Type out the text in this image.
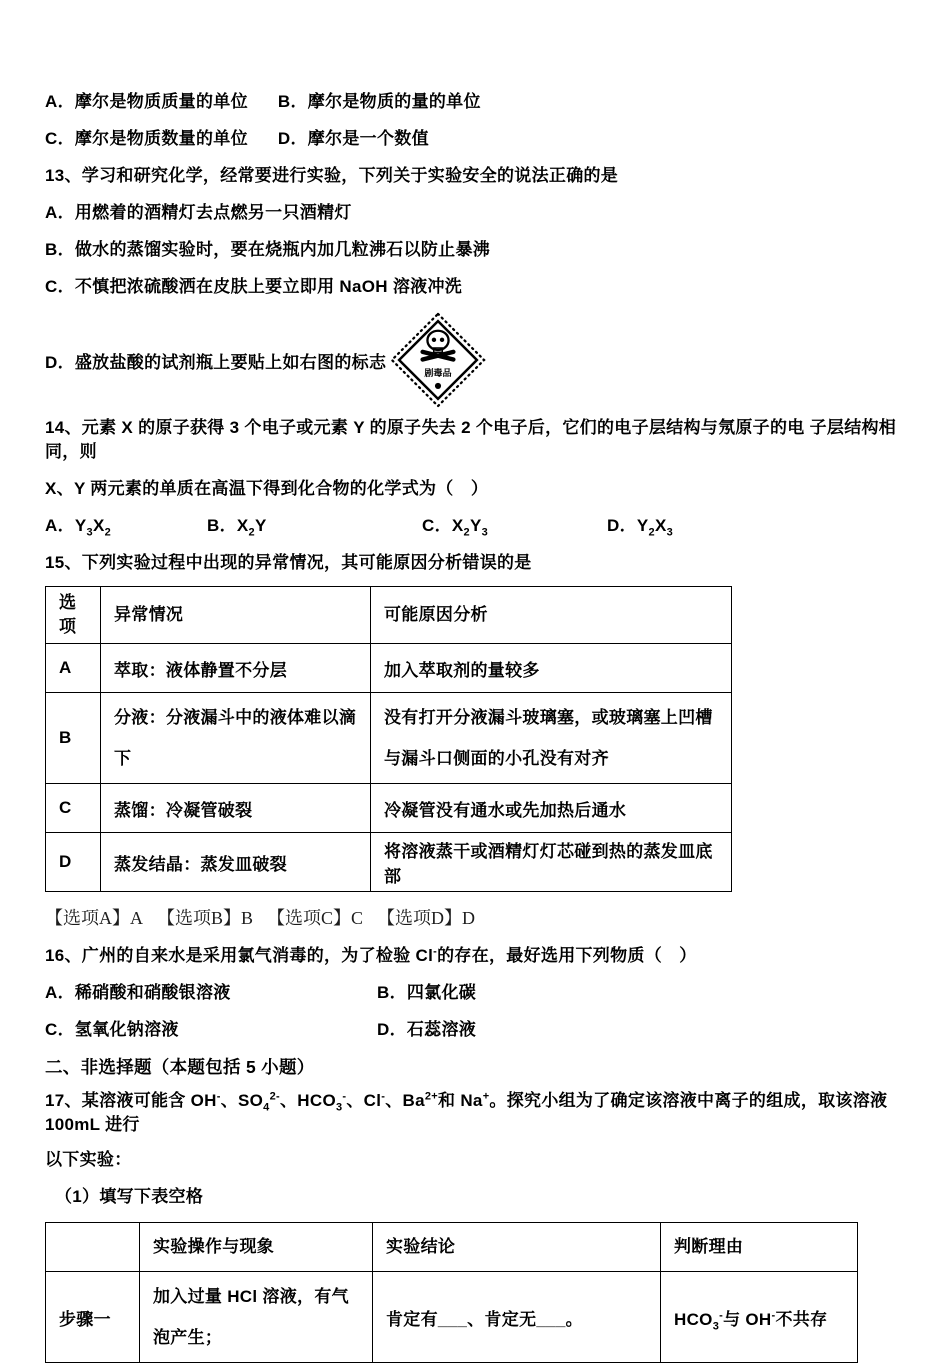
A．摩尔是物质质量的单位 B．摩尔是物质的量的单位
C．摩尔是物质数量的单位 D．摩尔是一个数值
13、学习和研究化学，经常要进行实验，下列关于实验安全的说法正确的是
A．用燃着的酒精灯去点燃另一只酒精灯
B．做水的蒸馏实验时，要在烧瓶内加几粒沸石以防止暴沸
C．不慎把浓硫酸洒在皮肤上要立即用 NaOH 溶液冲洗
D．盛放盐酸的试剂瓶上要贴上如右图的标志
剧毒品
14、元素 X 的原子获得 3 个电子或元素 Y 的原子失去 2 个电子后，它们的电子层结构与氖原子的电 子层结构相同，则
X、Y 两元素的单质在高温下得到化合物的化学式为（　）
A．$Y_3X_2$	B．$X_2Y$	C．$X_2Y_3$	D．$Y_2X_3$
15、下列实验过程中出现的异常情况，其可能原因分析错误的是
选项	异常情况	可能原因分析
A	萃取：液体静置不分层	加入萃取剂的量较多
B	分液：分液漏斗中的液体难以滴下	没有打开分液漏斗玻璃塞，或玻璃塞上凹槽与漏斗口侧面的小孔没有对齐
C	蒸馏：冷凝管破裂	冷凝管没有通水或先加热后通水
D	蒸发结晶：蒸发皿破裂	将溶液蒸干或酒精灯灯芯碰到热的蒸发皿底部
【选项A】A 【选项B】B 【选项C】C 【选项D】D
16、广州的自来水是采用氯气消毒的，为了检验 Cl-的存在，最好选用下列物质（　）
A．稀硝酸和硝酸银溶液	B．四氯化碳
C．氢氧化钠溶液	D．石蕊溶液
二、非选择题（本题包括 5 小题）
17、某溶液可能含 OH-、$SO_4^{2-}$、$HCO_3^-$、Cl-、$Ba^{2+}$和 Na+。探究小组为了确定该溶液中离子的组成，取该溶液 100mL 进行
以下实验：
（1）填写下表空格
	实验操作与现象	实验结论	判断理由
步骤一	加入过量 HCl 溶液，有气泡产生；	肯定有___、肯定无___。	$HCO_3^-$与 OH-不共存
